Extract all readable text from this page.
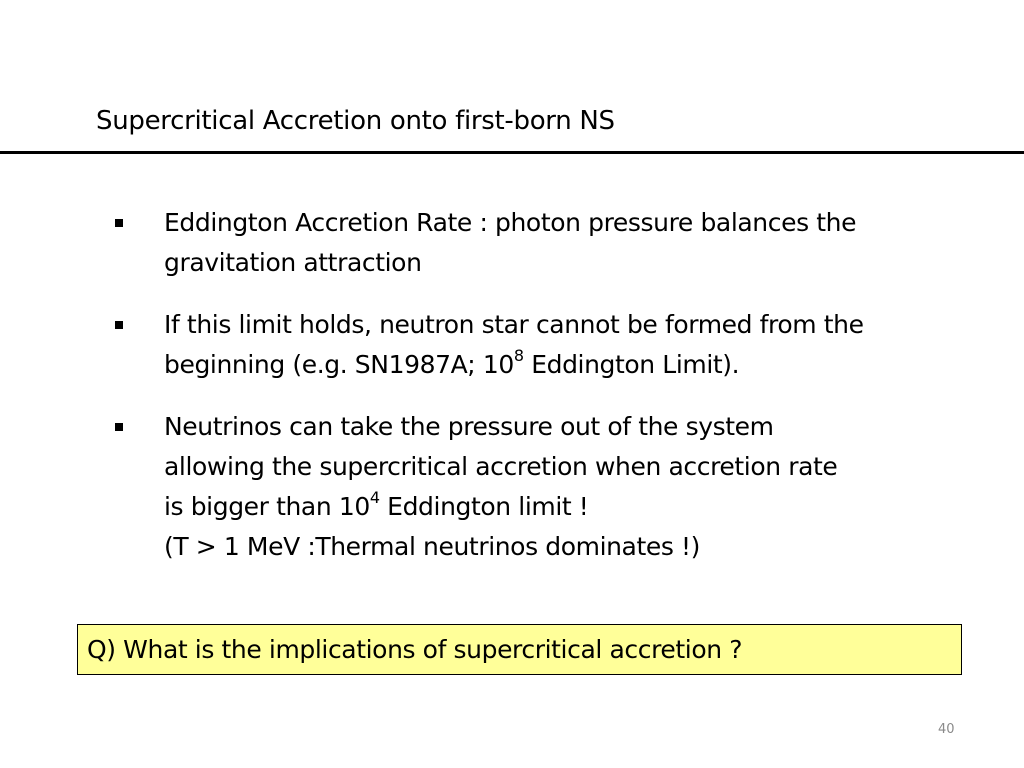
Supercritical Accretion onto first-born NS
Eddington Accretion Rate : photon pressure balances the
gravitation attraction
If this limit holds, neutron star cannot be formed from the
beginning (e.g. SN1987A; $10^8$ Eddington Limit).
Neutrinos can take the pressure out of the system
allowing the supercritical accretion when accretion rate
is bigger than $10^4$ Eddington limit !
(T > 1 MeV :Thermal neutrinos dominates !)
Q) What is the implications of supercritical accretion ?
40
